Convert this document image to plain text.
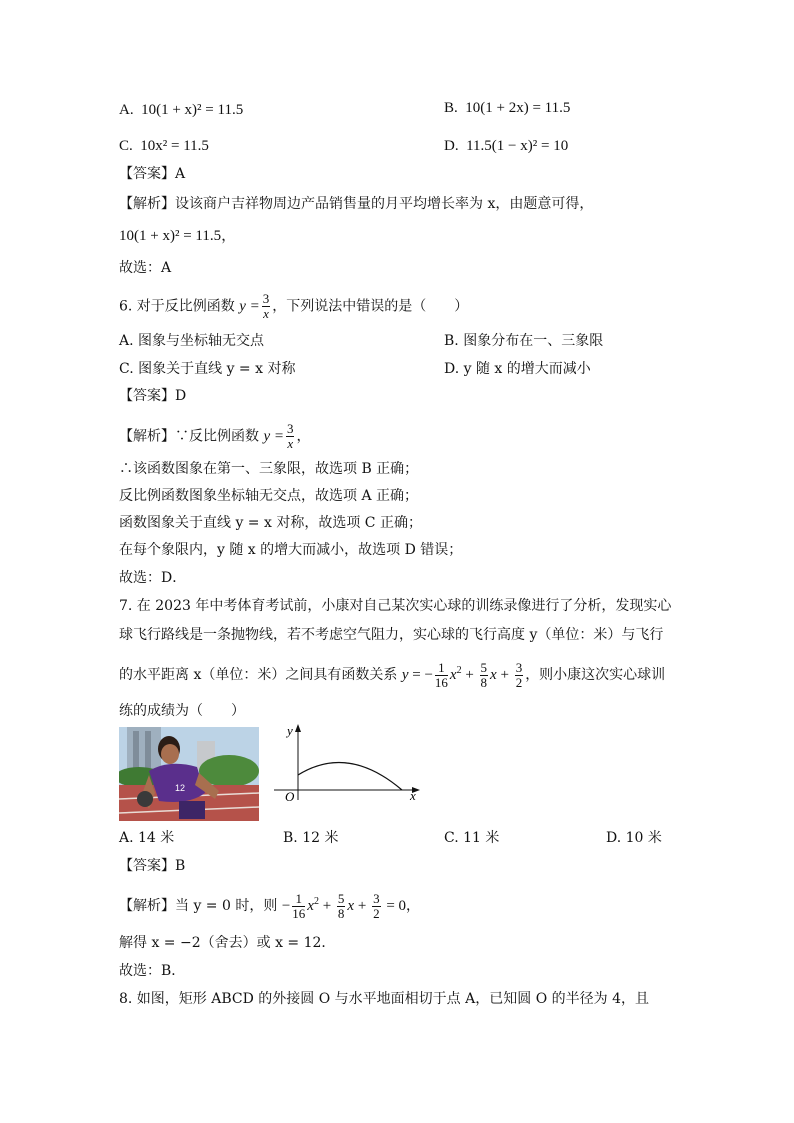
A. 10(1 + x)² = 11.5	B. 10(1 + 2x) = 11.5
C. 10x² = 11.5	D. 11.5(1 − x)² = 10
【答案】A
【解析】设该商户吉祥物周边产品销售量的月平均增长率为 x，由题意可得，
10(1 + x)² = 11.5，
故选：A
6. 对于反比例函数 $y = \frac{3}{x}$ ，下列说法中错误的是（　　）
A. 图象与坐标轴无交点	B. 图象分布在一、三象限
C. 图象关于直线 y = x 对称	D. y 随 x 的增大而减小
【答案】D
【解析】∵反比例函数 $y = \frac{3}{x}$ ，
∴该函数图象在第一、三象限，故选项 B 正确；
反比例函数图象坐标轴无交点，故选项 A 正确；
函数图象关于直线 y = x 对称，故选项 C 正确；
在每个象限内，y 随 x 的增大而减小，故选项 D 错误；
故选：D．
7. 在 2023 年中考体育考试前，小康对自己某次实心球的训练录像进行了分析，发现实心
球飞行路线是一条抛物线，若不考虑空气阻力，实心球的飞行高度 y（单位：米）与飞行
的水平距离 x（单位：米）之间具有函数关系 y = − $\frac{1}{16} x^2 + \frac{5}{8}$ $x + \frac{3}{2}$ ，则小康这次实心球训
练的成绩为（　　）
12
y
x
O
A. 14 米	B. 12 米	C. 11 米	D. 10 米
【答案】B
【解析】当 y = 0 时，则 − $\frac{1}{16} x^2 + \frac{5}{8}$ $x + \frac{3}{2} = 0$，
解得 x = −2（舍去）或 x = 12．
故选：B．
8. 如图，矩形 ABCD 的外接圆 O 与水平地面相切于点 A，已知圆 O 的半径为 4，且
